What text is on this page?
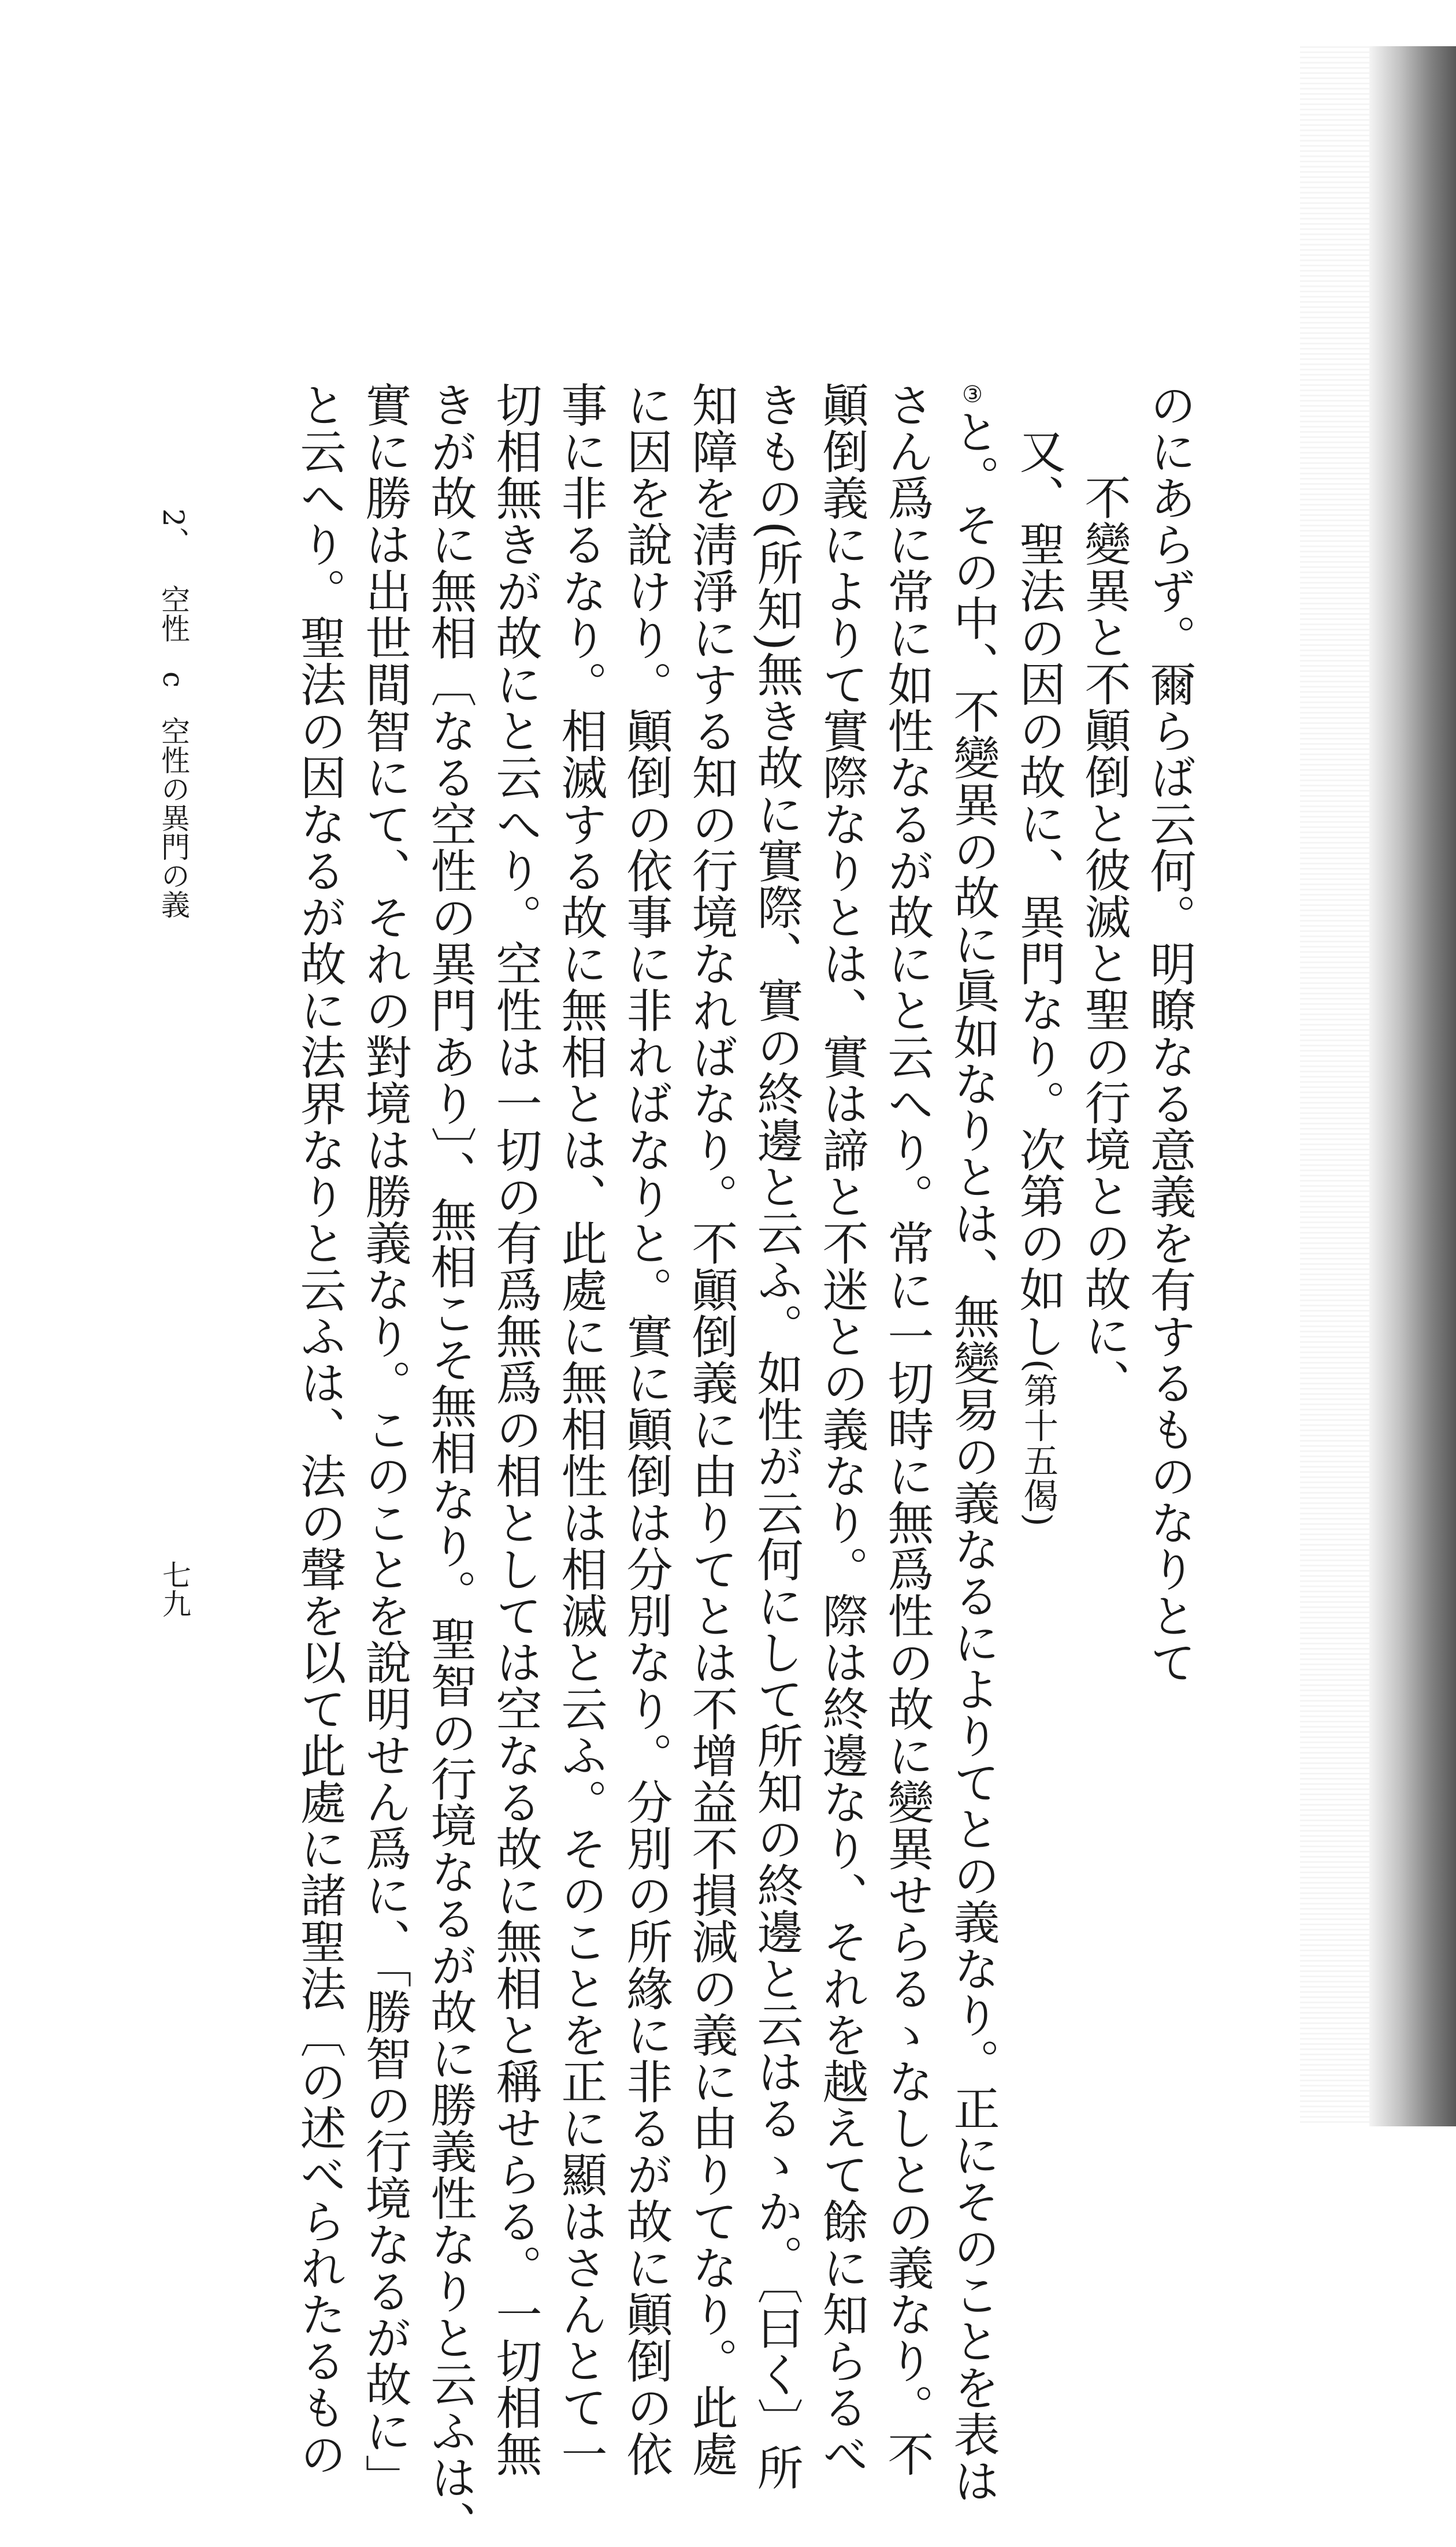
のにあらず。爾らば云何。明瞭なる意義を有するものなりとて
不變異と不顚倒と彼滅と聖の行境との故に、
又、聖法の因の故に、異門なり。次第の如し(第十五偈)
③と。その中、不變異の故に眞如なりとは、無變易の義なるによりてとの義なり。正にそのことを表は
さん爲に常に如性なるが故にと云へり。常に一切時に無爲性の故に變異せらるゝなしとの義なり。不
顚倒義によりて實際なりとは、實は諦と不迷との義なり。際は終邊なり、それを越えて餘に知らるべ
きもの(所知)無き故に實際、實の終邊と云ふ。如性が云何にして所知の終邊と云はるゝか。〔曰く〕所
知障を淸淨にする知の行境なればなり。不顚倒義に由りてとは不增益不損減の義に由りてなり。此處
に因を說けり。顚倒の依事に非ればなりと。實に顚倒は分別なり。分別の所緣に非るが故に顚倒の依
事に非るなり。相滅する故に無相とは、此處に無相性は相滅と云ふ。そのことを正に顯はさんとて一
切相無きが故にと云へり。空性は一切の有爲無爲の相としては空なる故に無相と稱せらる。一切相無
きが故に無相〔なる空性の異門あり〕、無相こそ無相なり。聖智の行境なるが故に勝義性なりと云ふは、
實に勝は出世間智にて、それの對境は勝義なり。このことを說明せん爲に、「勝智の行境なるが故に」
と云へり。聖法の因なるが故に法界なりと云ふは、法の聲を以て此處に諸聖法〔の述べられたるもの
2、 空性 c 空性の異門の義
七九
